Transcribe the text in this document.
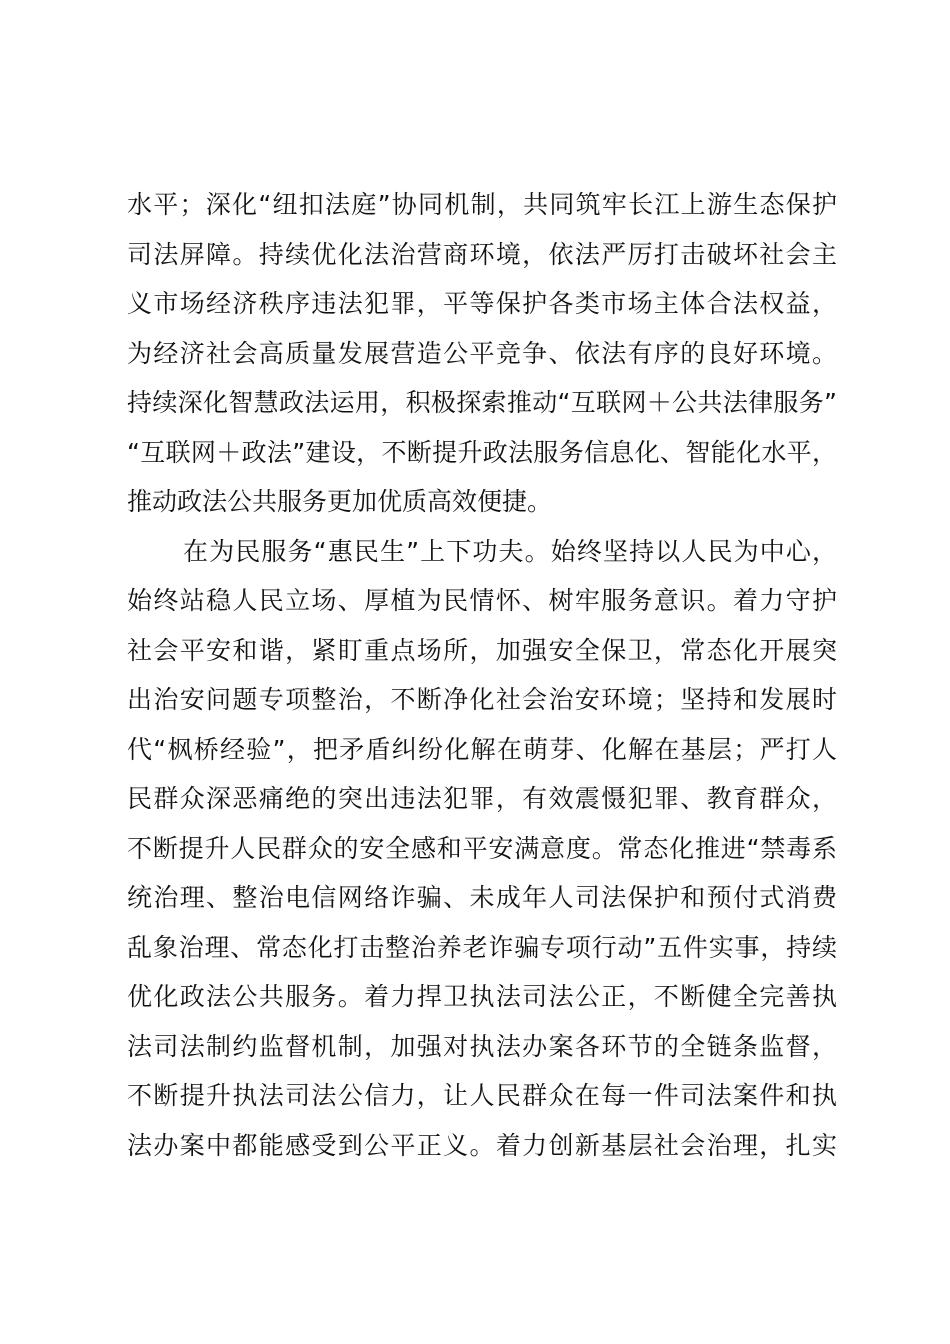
水平；深化“纽扣法庭”协同机制，共同筑牢长江上游生态保护
司法屏障。持续优化法治营商环境，依法严厉打击破坏社会主
义市场经济秩序违法犯罪，平等保护各类市场主体合法权益，
为经济社会高质量发展营造公平竞争、依法有序的良好环境。
持续深化智慧政法运用，积极探索推动“互联网＋公共法律服务”
“互联网＋政法”建设，不断提升政法服务信息化、智能化水平，
推动政法公共服务更加优质高效便捷。
在为民服务“惠民生”上下功夫。始终坚持以人民为中心，
始终站稳人民立场、厚植为民情怀、树牢服务意识。着力守护
社会平安和谐，紧盯重点场所，加强安全保卫，常态化开展突
出治安问题专项整治，不断净化社会治安环境；坚持和发展时
代“枫桥经验”，把矛盾纠纷化解在萌芽、化解在基层；严打人
民群众深恶痛绝的突出违法犯罪，有效震慑犯罪、教育群众，
不断提升人民群众的安全感和平安满意度。常态化推进“禁毒系
统治理、整治电信网络诈骗、未成年人司法保护和预付式消费
乱象治理、常态化打击整治养老诈骗专项行动”五件实事，持续
优化政法公共服务。着力捍卫执法司法公正，不断健全完善执
法司法制约监督机制，加强对执法办案各环节的全链条监督，
不断提升执法司法公信力，让人民群众在每一件司法案件和执
法办案中都能感受到公平正义。着力创新基层社会治理，扎实
